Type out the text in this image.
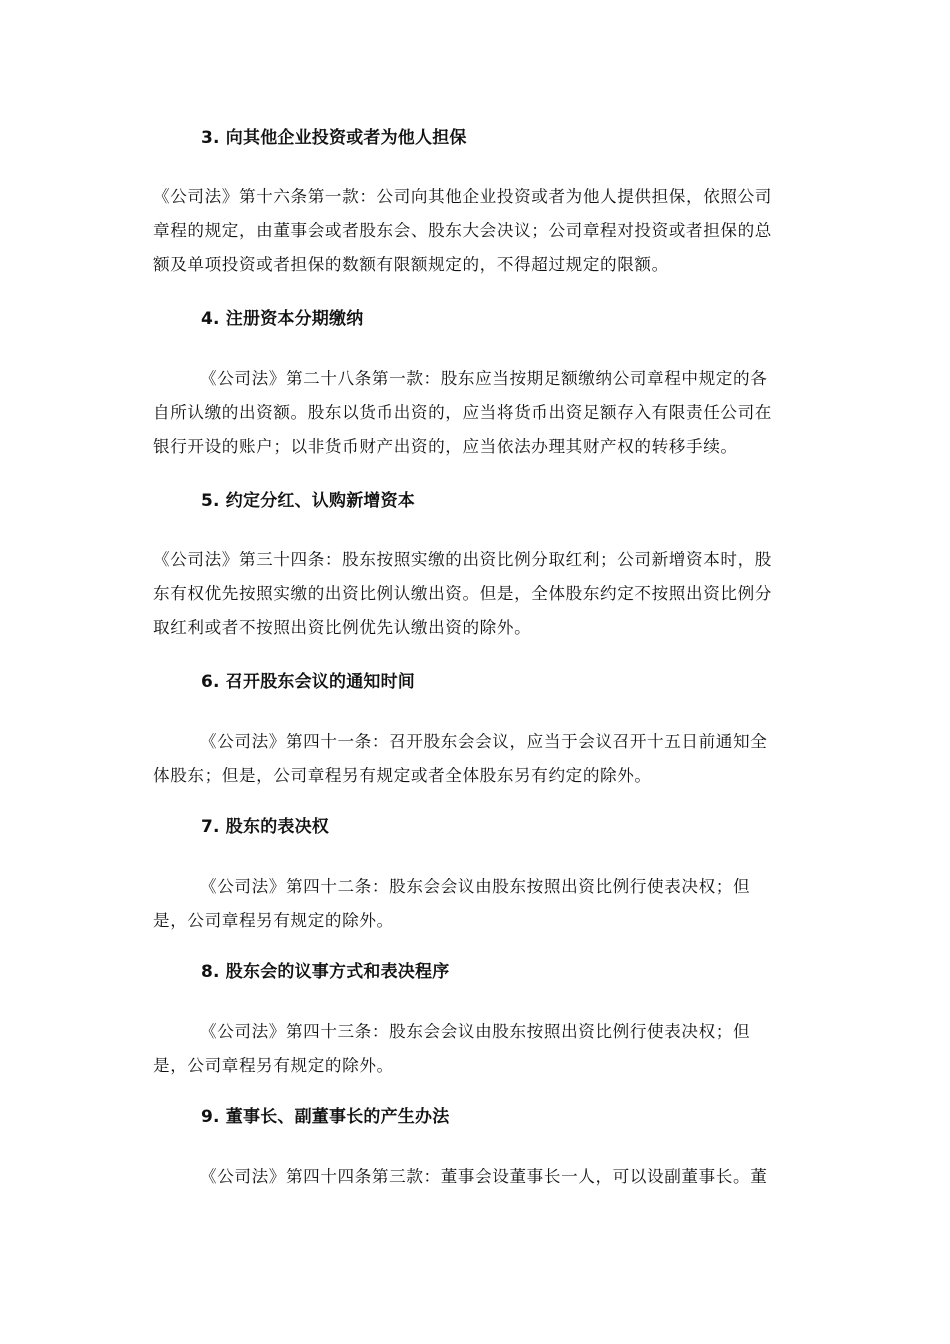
3. 向其他企业投资或者为他人担保
《公司法》第十六条第一款：公司向其他企业投资或者为他人提供担保，依照公司
章程的规定，由董事会或者股东会、股东大会决议；公司章程对投资或者担保的总
额及单项投资或者担保的数额有限额规定的，不得超过规定的限额。
4. 注册资本分期缴纳
《公司法》第二十八条第一款：股东应当按期足额缴纳公司章程中规定的各
自所认缴的出资额。股东以货币出资的，应当将货币出资足额存入有限责任公司在
银行开设的账户；以非货币财产出资的，应当依法办理其财产权的转移手续。
5. 约定分红、认购新增资本
《公司法》第三十四条：股东按照实缴的出资比例分取红利；公司新增资本时，股
东有权优先按照实缴的出资比例认缴出资。但是，全体股东约定不按照出资比例分
取红利或者不按照出资比例优先认缴出资的除外。
6. 召开股东会议的通知时间
《公司法》第四十一条：召开股东会会议，应当于会议召开十五日前通知全
体股东；但是，公司章程另有规定或者全体股东另有约定的除外。
7. 股东的表决权
《公司法》第四十二条：股东会会议由股东按照出资比例行使表决权；但
是，公司章程另有规定的除外。
8. 股东会的议事方式和表决程序
《公司法》第四十三条：股东会会议由股东按照出资比例行使表决权；但
是，公司章程另有规定的除外。
9. 董事长、副董事长的产生办法
《公司法》第四十四条第三款：董事会设董事长一人，可以设副董事长。董
